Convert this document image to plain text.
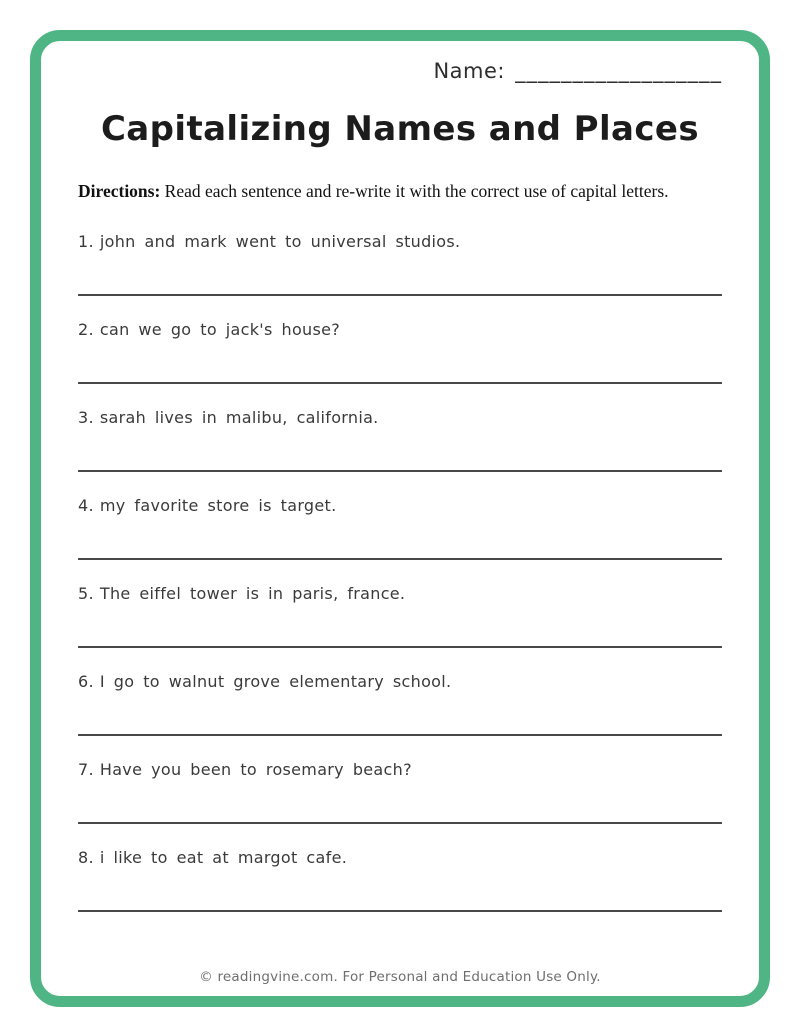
Name: __________________
Capitalizing Names and Places
Directions: Read each sentence and re-write it with the correct use of capital letters.
1. john and mark went to universal studios.
2. can we go to jack's house?
3. sarah lives in malibu, california.
4. my favorite store is target.
5. The eiffel tower is in paris, france.
6. I go to walnut grove elementary school.
7. Have you been to rosemary beach?
8. i like to eat at margot cafe.
© readingvine.com. For Personal and Education Use Only.
